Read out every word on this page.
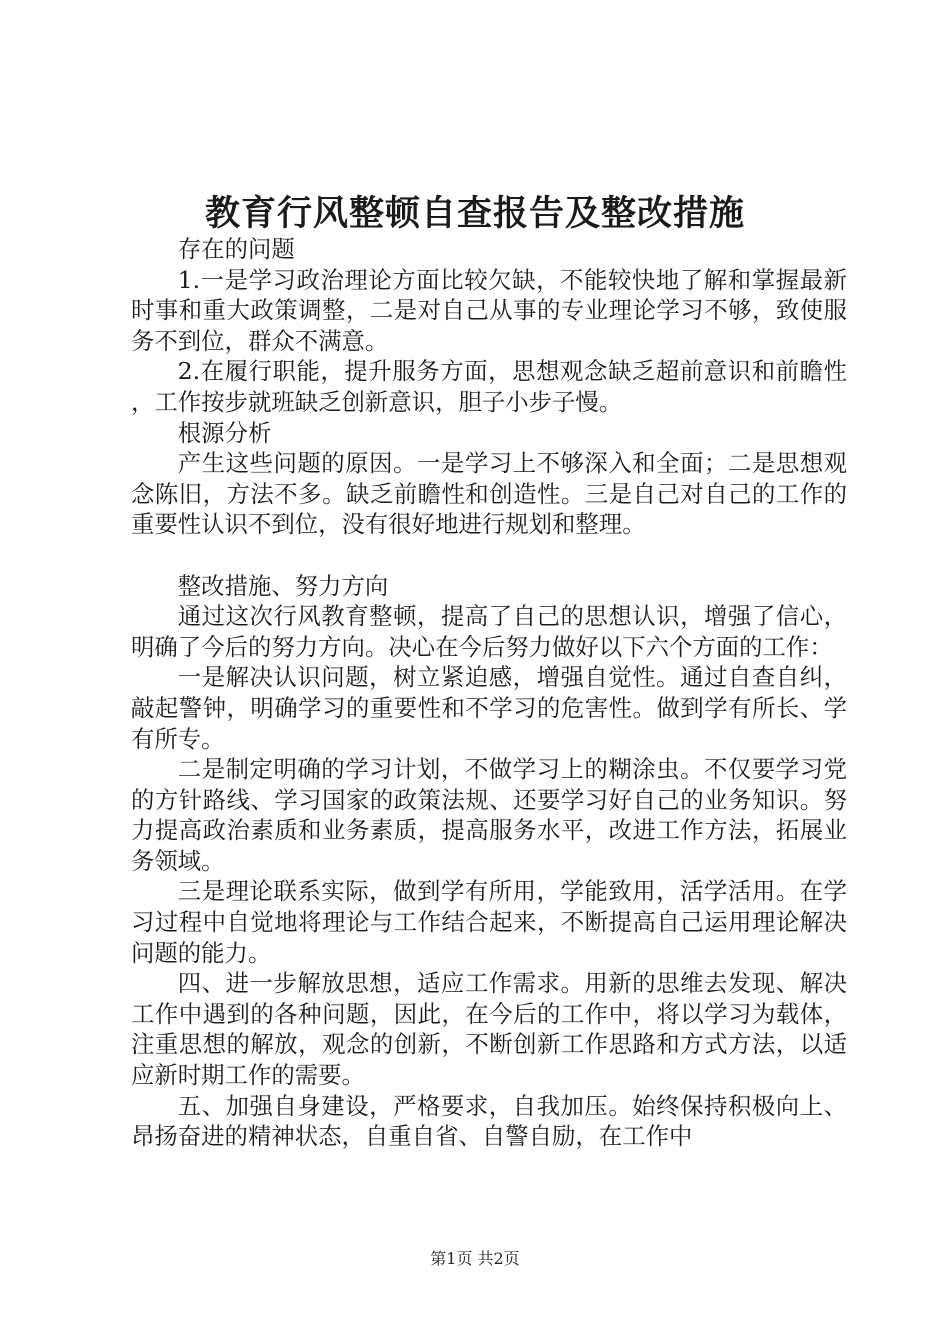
教育行风整顿自查报告及整改措施

存在的问题

1.一是学习政治理论方面比较欠缺，不能较快地了解和掌握最新时事和重大政策调整，二是对自己从事的专业理论学习不够，致使服务不到位，群众不满意。

2.在履行职能，提升服务方面，思想观念缺乏超前意识和前瞻性，工作按步就班缺乏创新意识，胆子小步子慢。

根源分析

产生这些问题的原因。一是学习上不够深入和全面；二是思想观念陈旧，方法不多。缺乏前瞻性和创造性。三是自己对自己的工作的重要性认识不到位，没有很好地进行规划和整理。

整改措施、努力方向

通过这次行风教育整顿，提高了自己的思想认识，增强了信心，明确了今后的努力方向。决心在今后努力做好以下六个方面的工作：

一是解决认识问题，树立紧迫感，增强自觉性。通过自查自纠，敲起警钟，明确学习的重要性和不学习的危害性。做到学有所长、学有所专。

二是制定明确的学习计划，不做学习上的糊涂虫。不仅要学习党的方针路线、学习国家的政策法规、还要学习好自己的业务知识。努力提高政治素质和业务素质，提高服务水平，改进工作方法，拓展业务领域。

三是理论联系实际，做到学有所用，学能致用，活学活用。在学习过程中自觉地将理论与工作结合起来，不断提高自己运用理论解决问题的能力。

四、进一步解放思想，适应工作需求。用新的思维去发现、解决工作中遇到的各种问题，因此，在今后的工作中，将以学习为载体，注重思想的解放，观念的创新，不断创新工作思路和方式方法，以适应新时期工作的需要。

五、加强自身建设，严格要求，自我加压。始终保持积极向上、昂扬奋进的精神状态，自重自省、自警自励，在工作中

第1页 共2页
